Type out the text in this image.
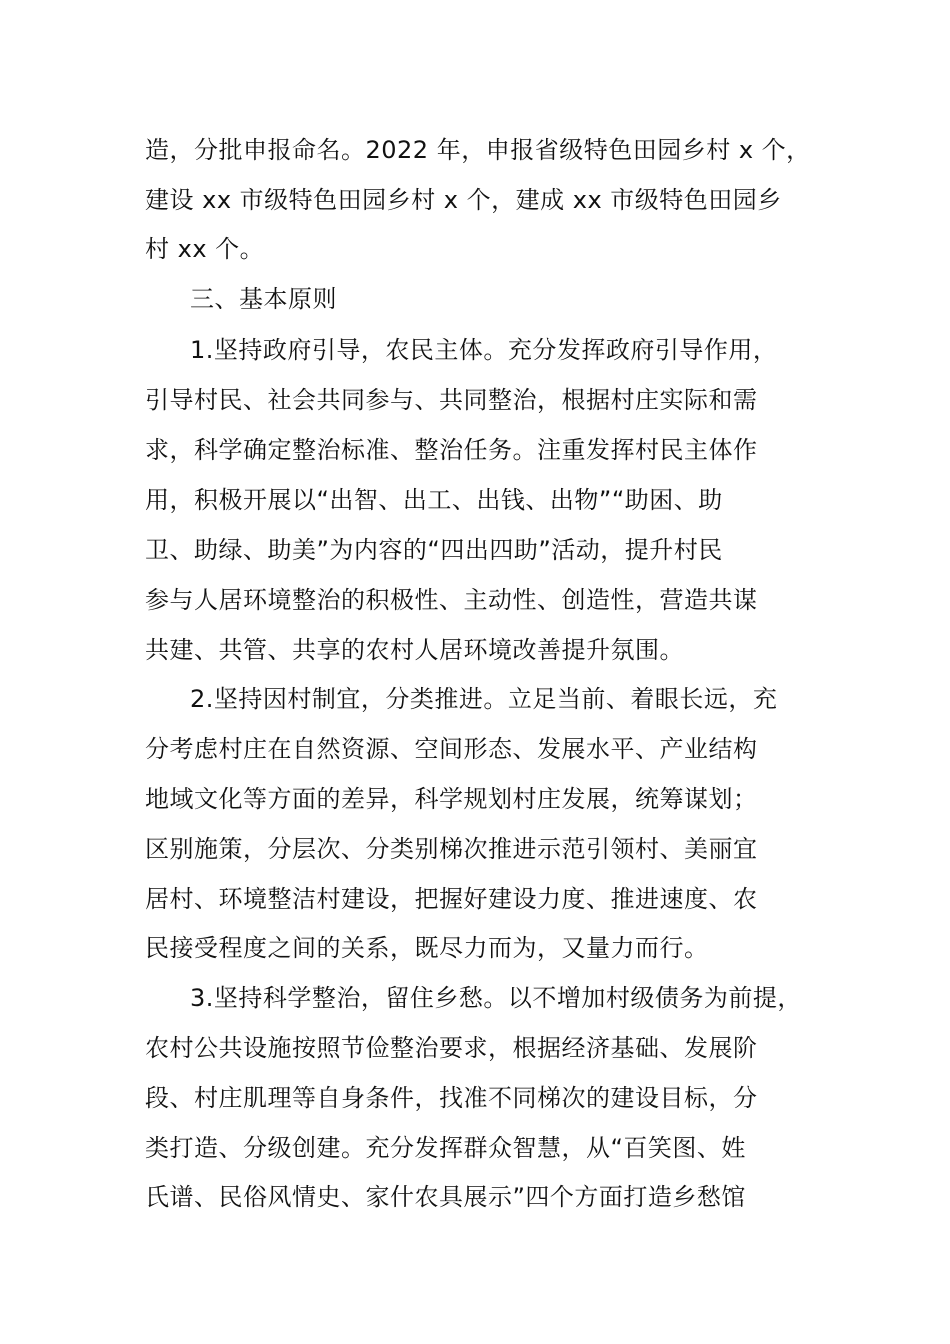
造，分批申报命名。2022 年，申报省级特色田园乡村 x 个，
建设 xx 市级特色田园乡村 x 个，建成 xx 市级特色田园乡
村 xx 个。
三、基本原则
1.坚持政府引导，农民主体。充分发挥政府引导作用，
引导村民、社会共同参与、共同整治，根据村庄实际和需
求，科学确定整治标准、整治任务。注重发挥村民主体作
用，积极开展以“出智、出工、出钱、出物”“助困、助
卫、助绿、助美”为内容的“四出四助”活动，提升村民
参与人居环境整治的积极性、主动性、创造性，营造共谋
共建、共管、共享的农村人居环境改善提升氛围。
2.坚持因村制宜，分类推进。立足当前、着眼长远，充
分考虑村庄在自然资源、空间形态、发展水平、产业结构
地域文化等方面的差异，科学规划村庄发展，统筹谋划；
区别施策，分层次、分类别梯次推进示范引领村、美丽宜
居村、环境整洁村建设，把握好建设力度、推进速度、农
民接受程度之间的关系，既尽力而为，又量力而行。
3.坚持科学整治，留住乡愁。以不增加村级债务为前提，
农村公共设施按照节俭整治要求，根据经济基础、发展阶
段、村庄肌理等自身条件，找准不同梯次的建设目标，分
类打造、分级创建。充分发挥群众智慧，从“百笑图、姓
氏谱、民俗风情史、家什农具展示”四个方面打造乡愁馆
